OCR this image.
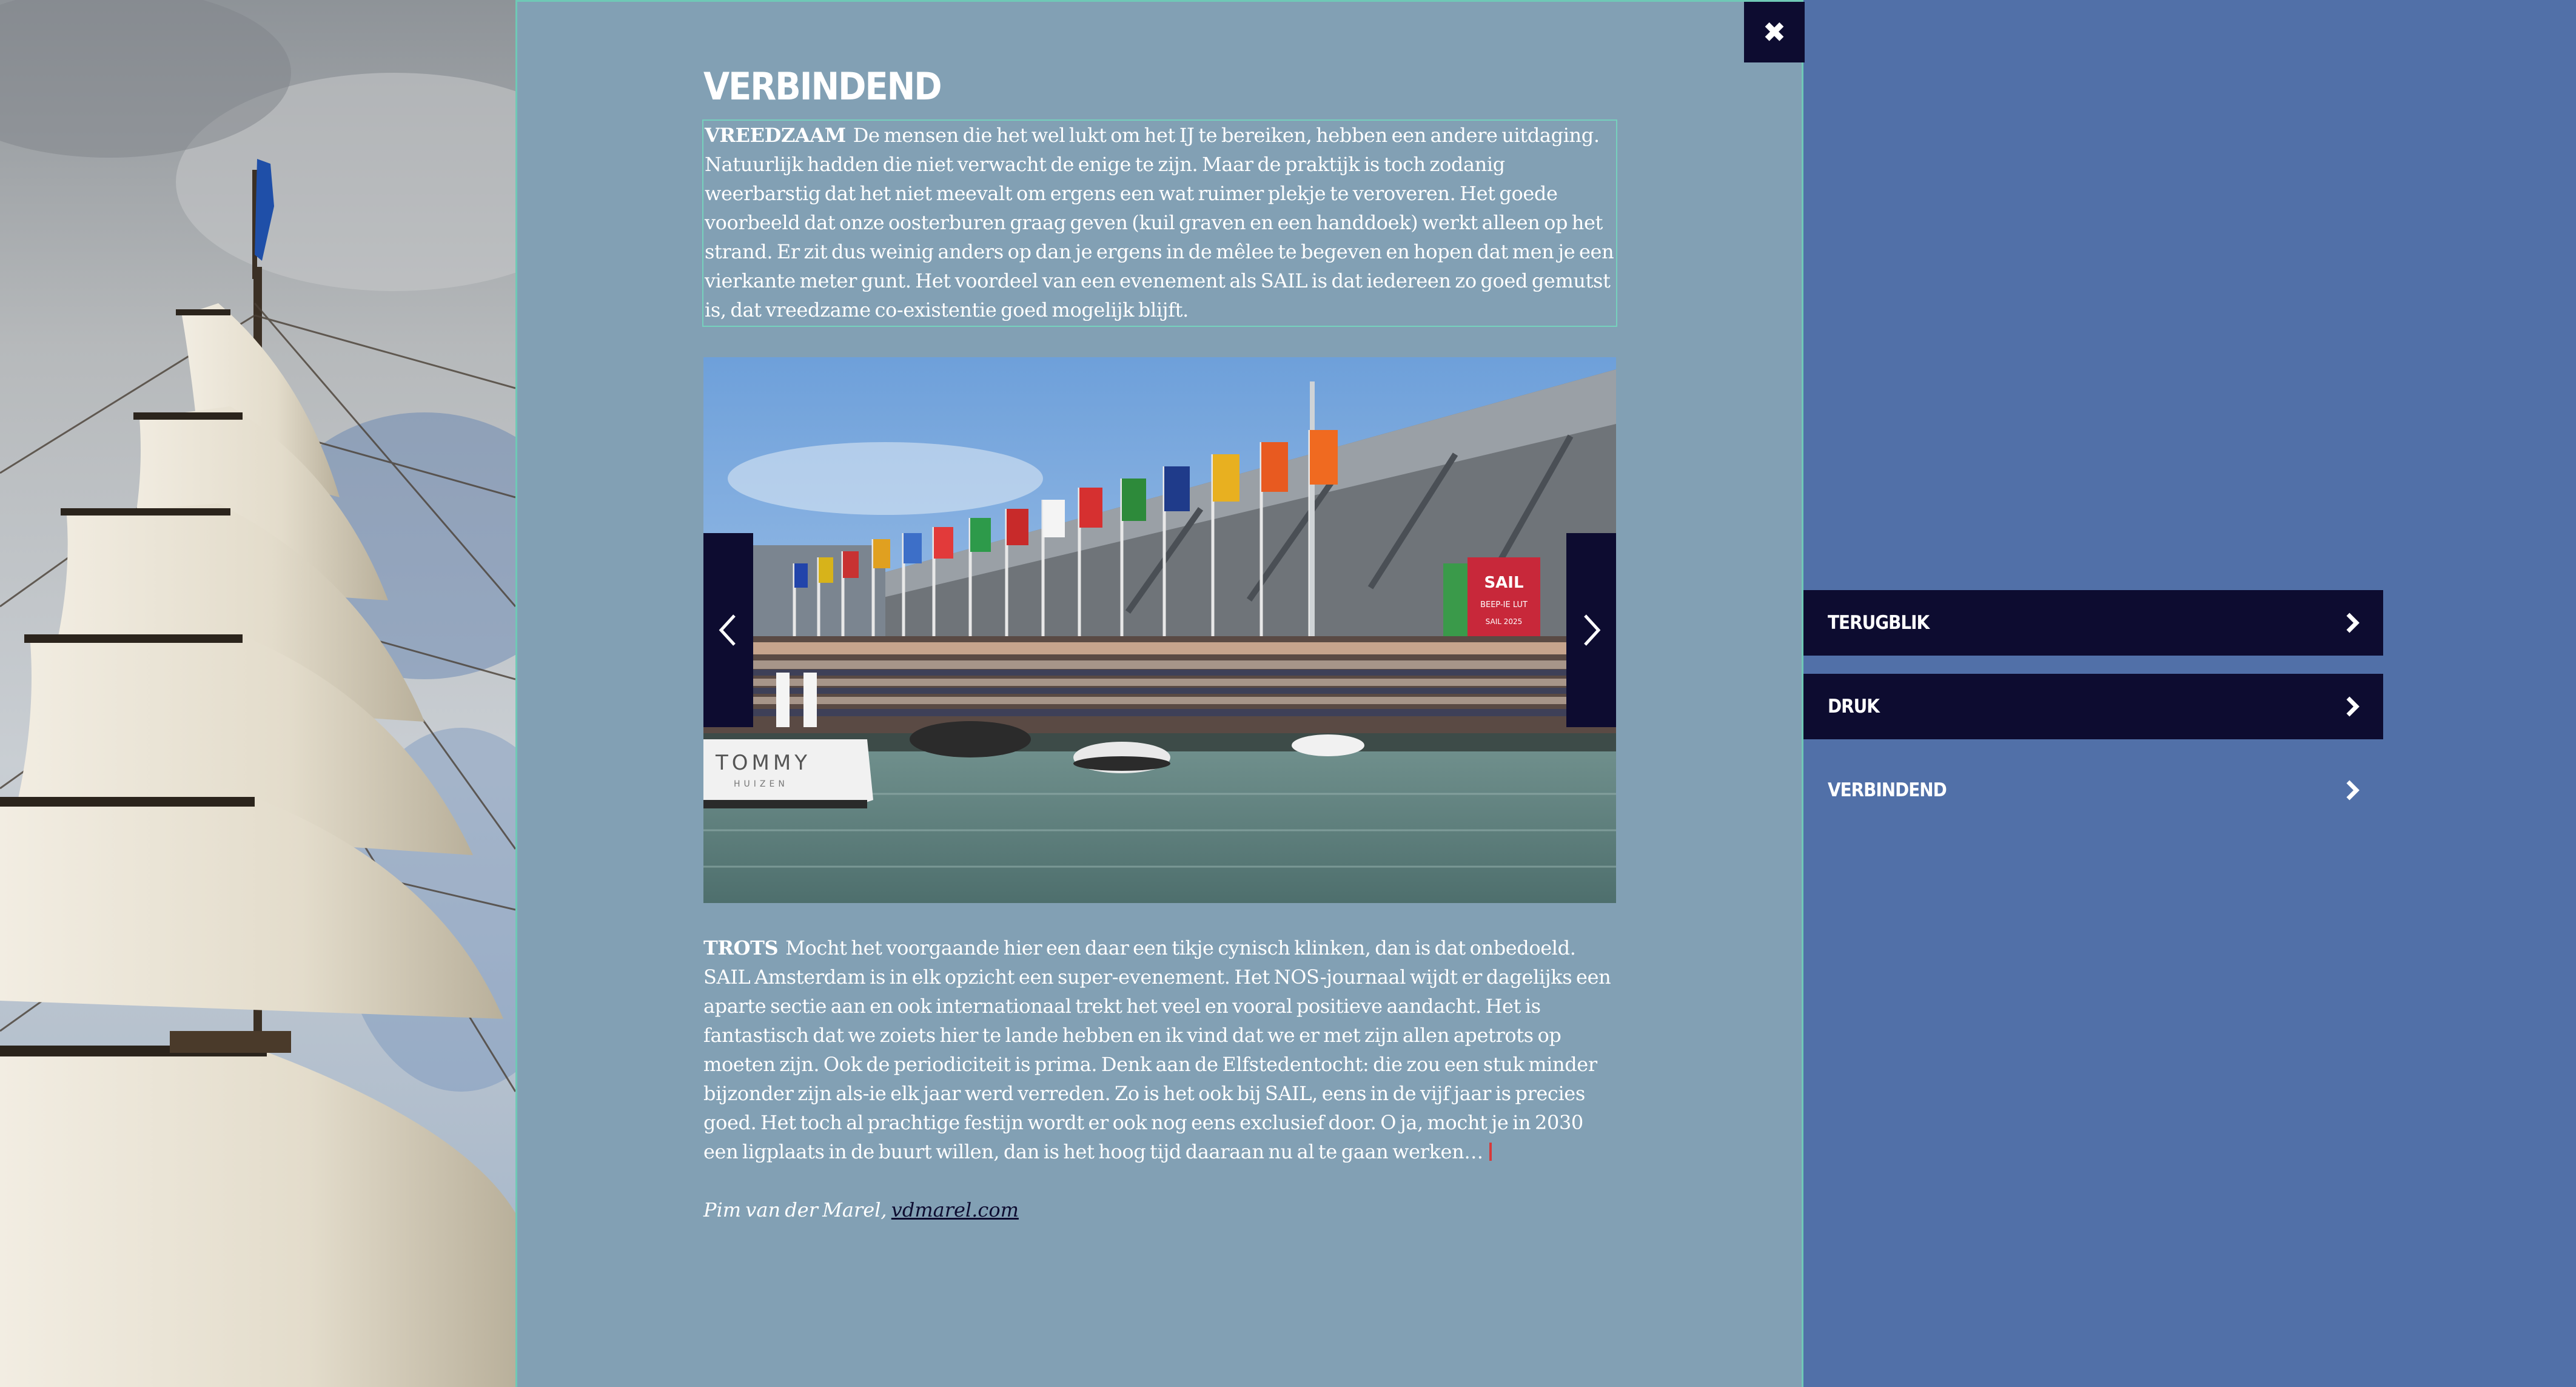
✖
VERBINDEND

VREEDZAAM De mensen die het wel lukt om het IJ te bereiken, hebben een andere uitdaging. Natuurlijk hadden die niet verwacht de enige te zijn. Maar de praktijk is toch zodanig weerbarstig dat het niet meevalt om ergens een wat ruimer plekje te veroveren. Het goede voorbeeld dat onze oosterburen graag geven (kuil graven en een handdoek) werkt alleen op het strand. Er zit dus weinig anders op dan je ergens in de mêlee te begeven en hopen dat men je een vierkante meter gunt. Het voordeel van een evenement als SAIL is dat iedereen zo goed gemutst is, dat vreedzame co-existentie goed mogelijk blijft.

SAIL
BEEP-IE LUT
SAIL 2025
TOMMY
HUIZEN

TROTS Mocht het voorgaande hier een daar een tikje cynisch klinken, dan is dat onbedoeld. SAIL Amsterdam is in elk opzicht een super-evenement. Het NOS-journaal wijdt er dagelijks een aparte sectie aan en ook internationaal trekt het veel en vooral positieve aandacht. Het is fantastisch dat we zoiets hier te lande hebben en ik vind dat we er met zijn allen apetrots op moeten zijn. Ook de periodiciteit is prima. Denk aan de Elfstedentocht: die zou een stuk minder bijzonder zijn als-ie elk jaar werd verreden. Zo is het ook bij SAIL, eens in de vijf jaar is precies goed. Het toch al prachtige festijn wordt er ook nog eens exclusief door. O ja, mocht je in 2030 een ligplaats in de buurt willen, dan is het hoog tijd daaraan nu al te gaan werken…

Pim van der Marel, vdmarel.com

TERUGBLIK
DRUK
VERBINDEND
